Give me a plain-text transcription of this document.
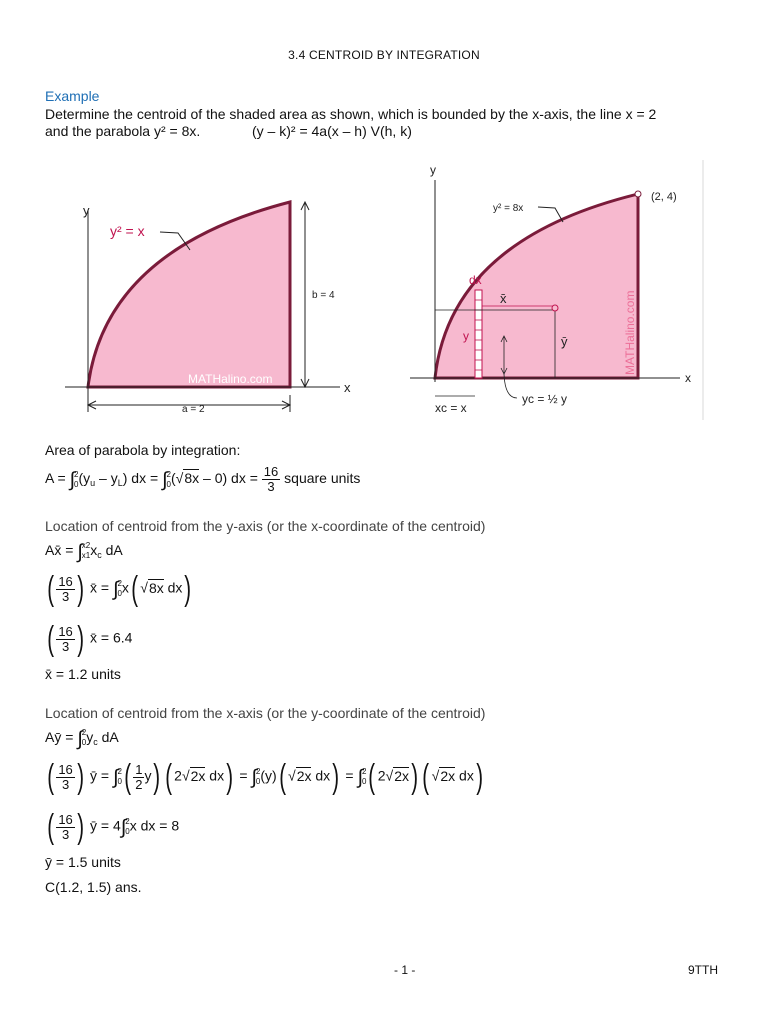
3.4 CENTROID BY INTEGRATION
Example
Determine the centroid of the shaded area as shown, which is bounded by the x-axis, the line x = 2
and the parabola y² = 8x.	(y – k)² = 4a(x – h) V(h, k)
y
x
y² = x
b = 4
a = 2
MATHalino.com
y
x
(2, 4)
y² = 8x
dx
x̄
ȳ
y
xc = x
yc = ½ y
MATHalino.com
Area of parabola by integration:
A = ∫ 2
0 $(y_u - y_L)$ dx = ∫ 2
0 (√8x – 0) dx = $\frac{16}{3}$ square units
Location of centroid from the y-axis (or the x-coordinate of the centroid)
Ax̄ = ∫ x2
x1 $x_c$ dA
( $\frac{16}{3}$ ) x̄ = ∫ 2
0 x( √8x dx)
( $\frac{16}{3}$ ) x̄ = 6.4
x̄ = 1.2 units
Location of centroid from the x-axis (or the y-coordinate of the centroid)
Aȳ = ∫ 2
0 $y_c$ dA
( $\frac{16}{3}$ ) ȳ = ∫ 2
0 ( $\frac{1}{2} y$) ( 2√2x dx) = ∫ 2
0 (y)( √2x dx) = ∫ 2
0 ( 2√2x) ( √2x dx)
( $\frac{16}{3}$ ) ȳ = 4∫ 2
0 x dx = 8
ȳ = 1.5 units
C(1.2, 1.5) ans.
- 1 -	9TTH
